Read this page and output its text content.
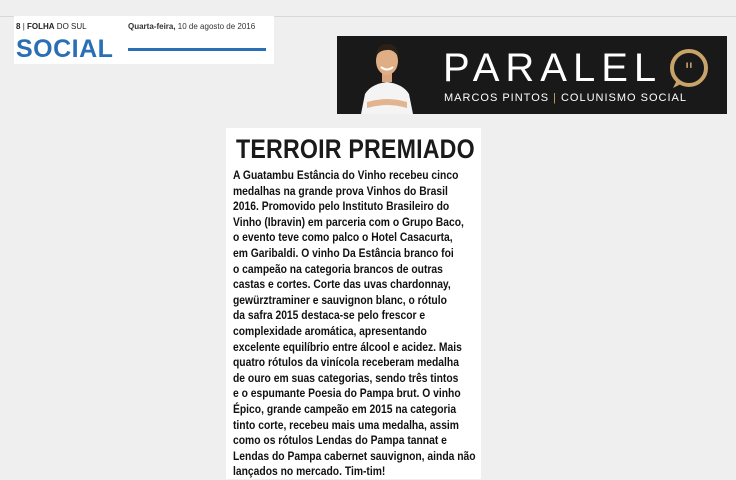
8 | FOLHA DO SUL	Quarta-feira, 10 de agosto de 2016
SOCIAL	PARALEL "
MARCOS PINTOS | COLUNISMO SOCIAL
TERROIR PREMIADO
A Guatambu Estância do Vinho recebeu cinco
medalhas na grande prova Vinhos do Brasil
2016. Promovido pelo Instituto Brasileiro do
Vinho (Ibravin) em parceria com o Grupo Baco,
o evento teve como palco o Hotel Casacurta,
em Garibaldi. O vinho Da Estância branco foi
o campeão na categoria brancos de outras
castas e cortes. Corte das uvas chardonnay,
gewürztraminer e sauvignon blanc, o rótulo
da safra 2015 destaca-se pelo frescor e
complexidade aromática, apresentando
excelente equilíbrio entre álcool e acidez. Mais
quatro rótulos da vinícola receberam medalha
de ouro em suas categorias, sendo três tintos
e o espumante Poesia do Pampa brut. O vinho
Épico, grande campeão em 2015 na categoria
tinto corte, recebeu mais uma medalha, assim
como os rótulos Lendas do Pampa tannat e
Lendas do Pampa cabernet sauvignon, ainda não
lançados no mercado. Tim-tim!
